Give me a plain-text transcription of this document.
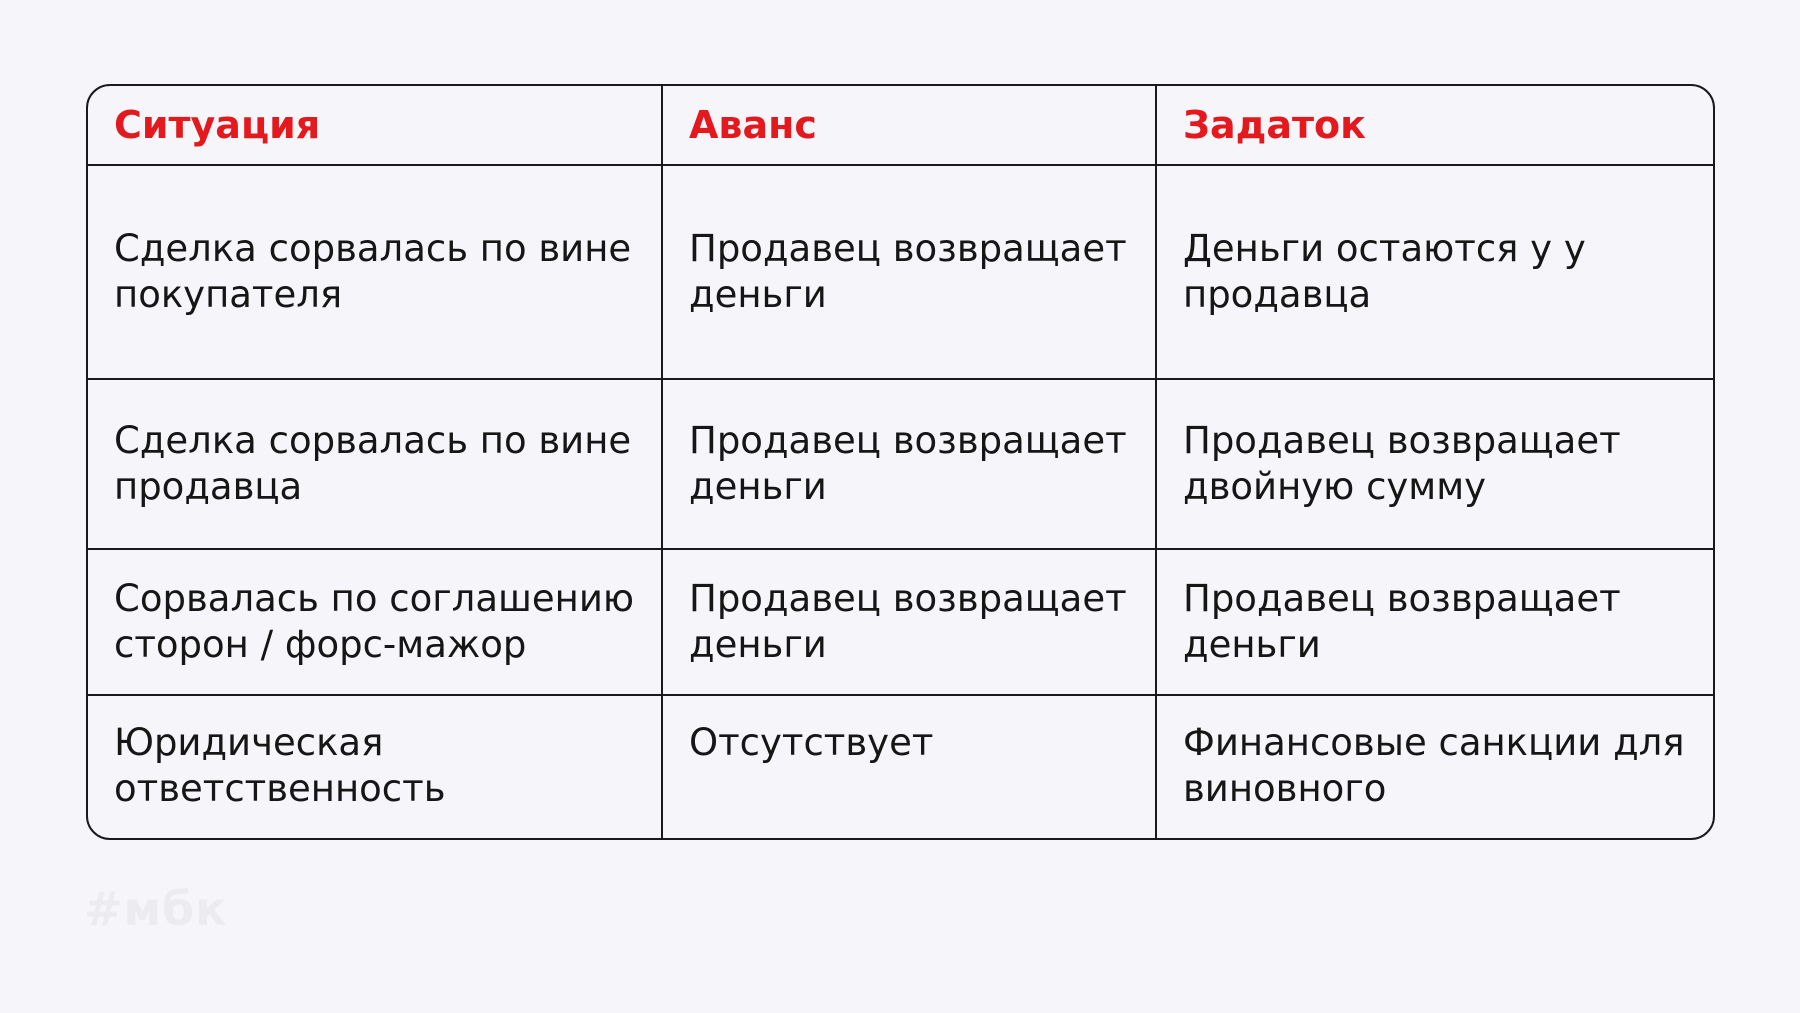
Ситуация	Аванс	Задаток
Сделка сорвалась по вине покупателя	Продавец возвращает деньги	Деньги остаются у у продавца
Сделка сорвалась по вине продавца	Продавец возвращает деньги	Продавец возвращает двойную сумму
Сорвалась по соглашению сторон / форс-мажор	Продавец возвращает деньги	Продавец возвращает деньги
Юридическая ответственность	Отсутствует	Финансовые санкции для виновного
#мбк
